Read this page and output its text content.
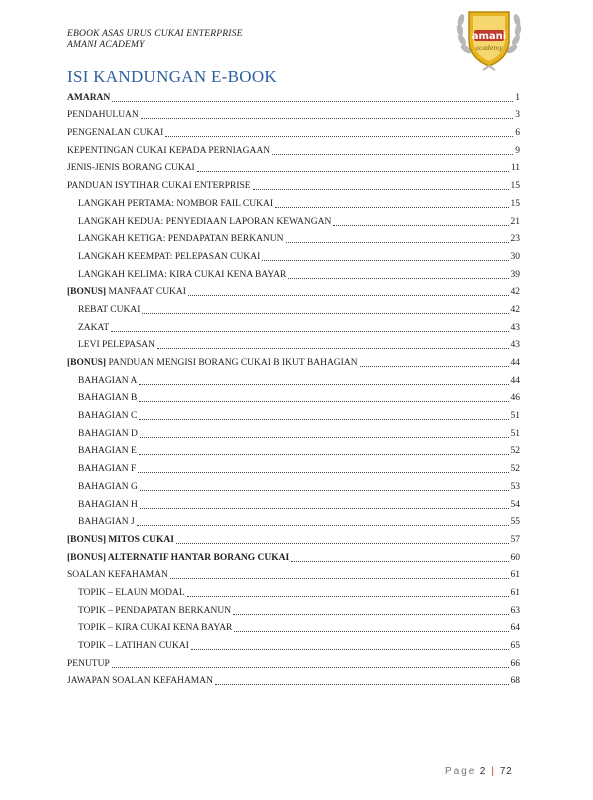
EBOOK ASAS URUS CUKAI ENTERPRISE
AMANI ACADEMY
amani
academy
ISI KANDUNGAN E-BOOK
AMARAN	1
PENDAHULUAN	3
PENGENALAN CUKAI	6
KEPENTINGAN CUKAI KEPADA PERNIAGAAN	9
JENIS-JENIS BORANG CUKAI	11
PANDUAN ISYTIHAR CUKAI ENTERPRISE	15
LANGKAH PERTAMA: NOMBOR FAIL CUKAI	15
LANGKAH KEDUA: PENYEDIAAN LAPORAN KEWANGAN	21
LANGKAH KETIGA: PENDAPATAN BERKANUN	23
LANGKAH KEEMPAT: PELEPASAN CUKAI	30
LANGKAH KELIMA: KIRA CUKAI KENA BAYAR	39
[BONUS] MANFAAT CUKAI	42
REBAT CUKAI	42
ZAKAT	43
LEVI PELEPASAN	43
[BONUS] PANDUAN MENGISI BORANG CUKAI B IKUT BAHAGIAN	44
BAHAGIAN A	44
BAHAGIAN B	46
BAHAGIAN C	51
BAHAGIAN D	51
BAHAGIAN E	52
BAHAGIAN F	52
BAHAGIAN G	53
BAHAGIAN H	54
BAHAGIAN J	55
[BONUS] MITOS CUKAI	57
[BONUS] ALTERNATIF HANTAR BORANG CUKAI	60
SOALAN KEFAHAMAN	61
TOPIK – ELAUN MODAL	61
TOPIK – PENDAPATAN BERKANUN	63
TOPIK – KIRA CUKAI KENA BAYAR	64
TOPIK – LATIHAN CUKAI	65
PENUTUP	66
JAWAPAN SOALAN KEFAHAMAN	68
Page 2 | 72
